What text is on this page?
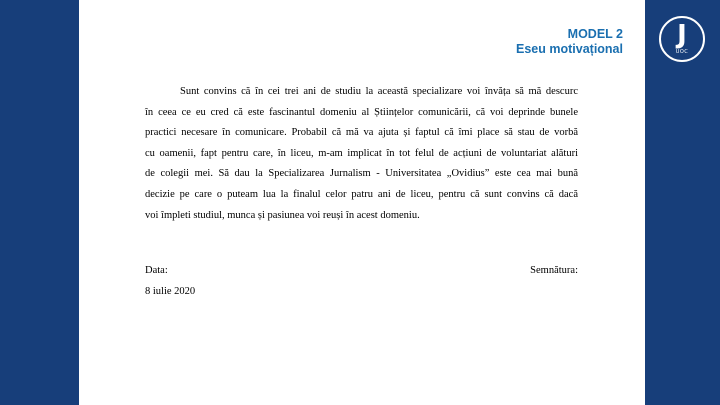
J
UOC
MODEL 2
Eseu motivațional

Sunt convins că în cei trei ani de studiu la această specializare voi învăța să mă descurc
în ceea ce eu cred că este fascinantul domeniu al Științelor comunicării, că voi deprinde bunele
practici necesare în comunicare. Probabil că mă va ajuta și faptul că îmi place să stau de vorbă
cu oamenii, fapt pentru care, în liceu, m-am implicat în tot felul de acțiuni de voluntariat alături
de colegii mei. Să dau la Specializarea Jurnalism - Universitatea „Ovidius” este cea mai bună
decizie pe care o puteam lua la finalul celor patru ani de liceu, pentru că sunt convins că dacă
voi împleti studiul, munca și pasiunea voi reuși în acest domeniu.

Data:
8 iulie 2020
Semnătura:
